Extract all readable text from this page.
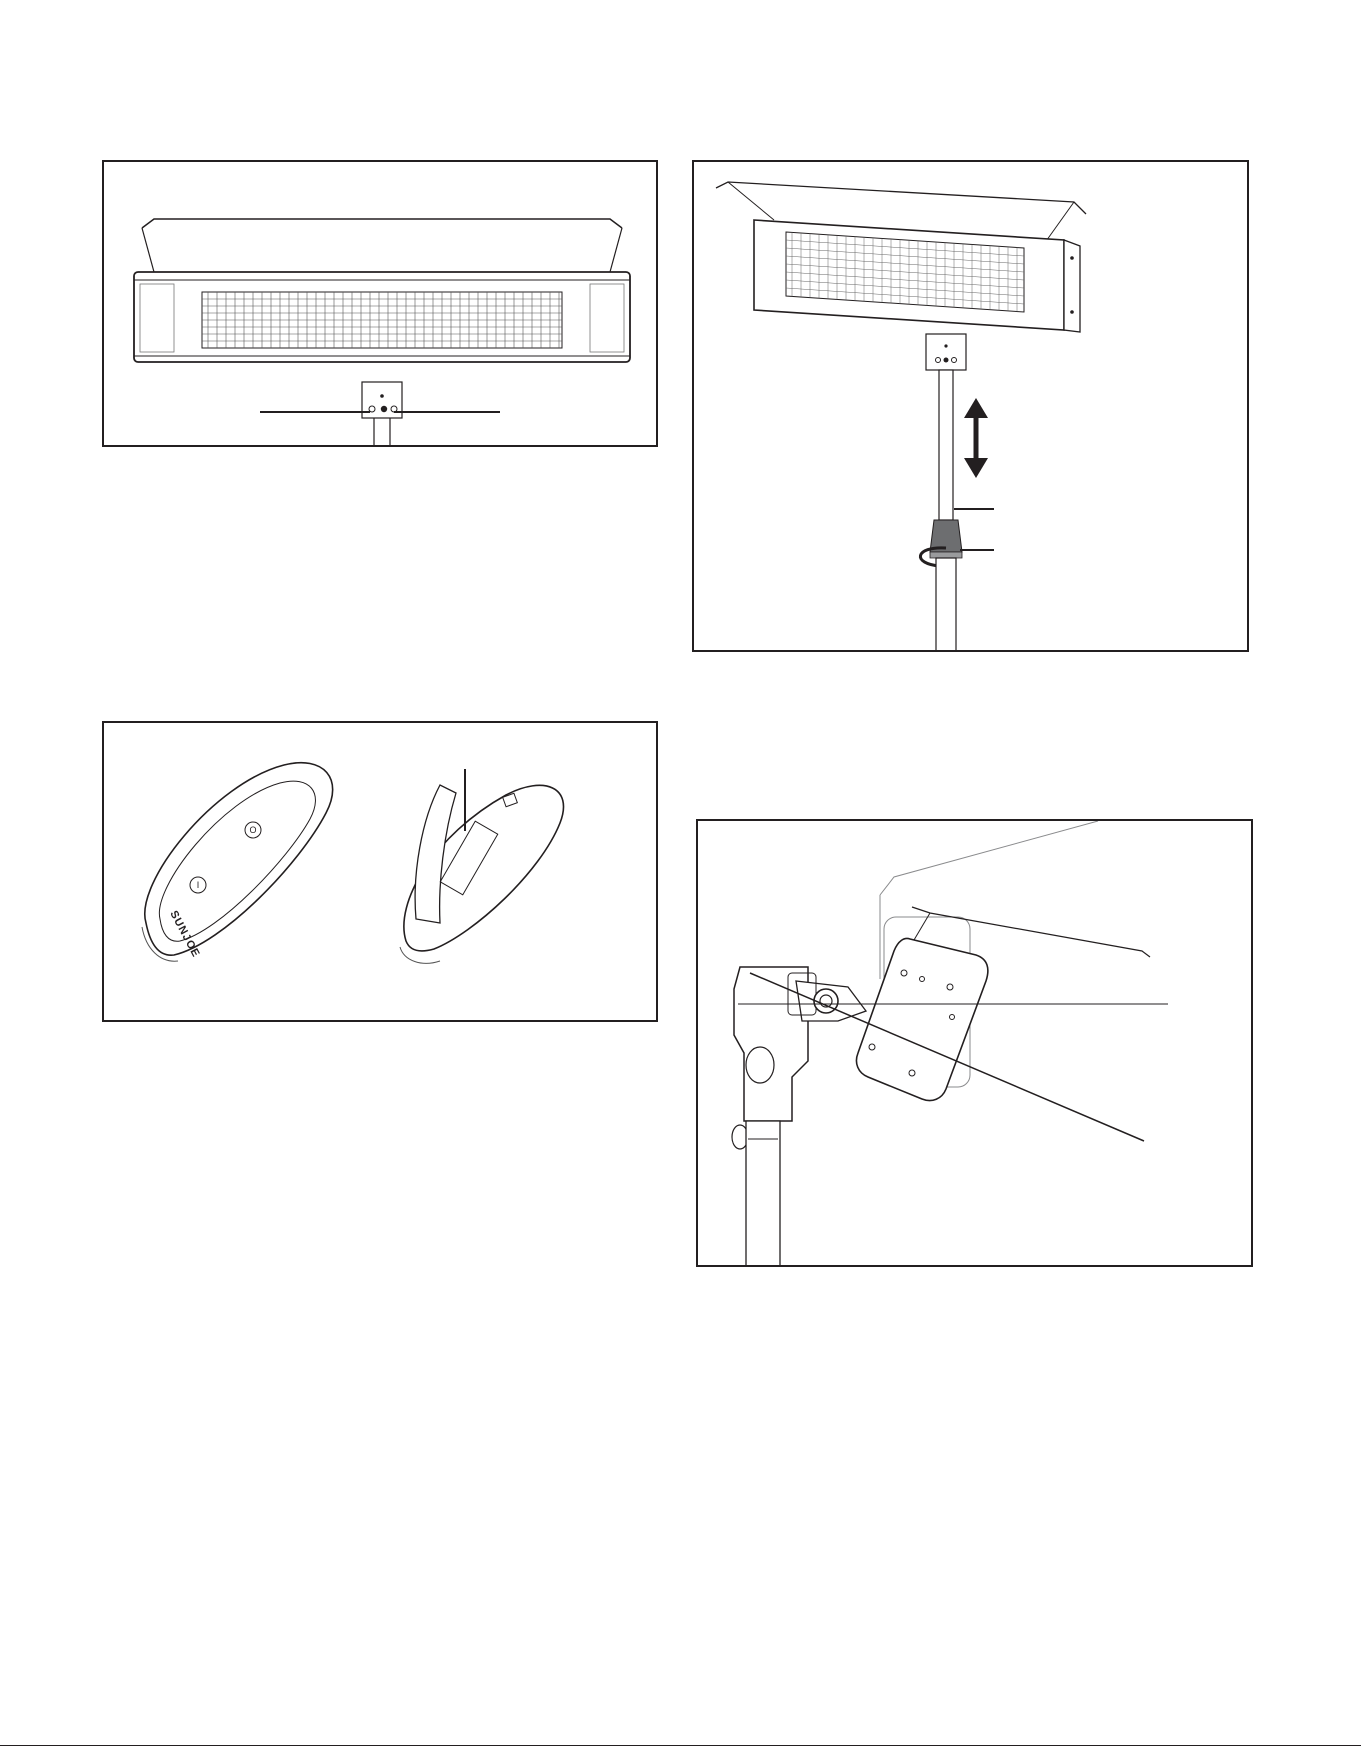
O
I
SUNJOE
